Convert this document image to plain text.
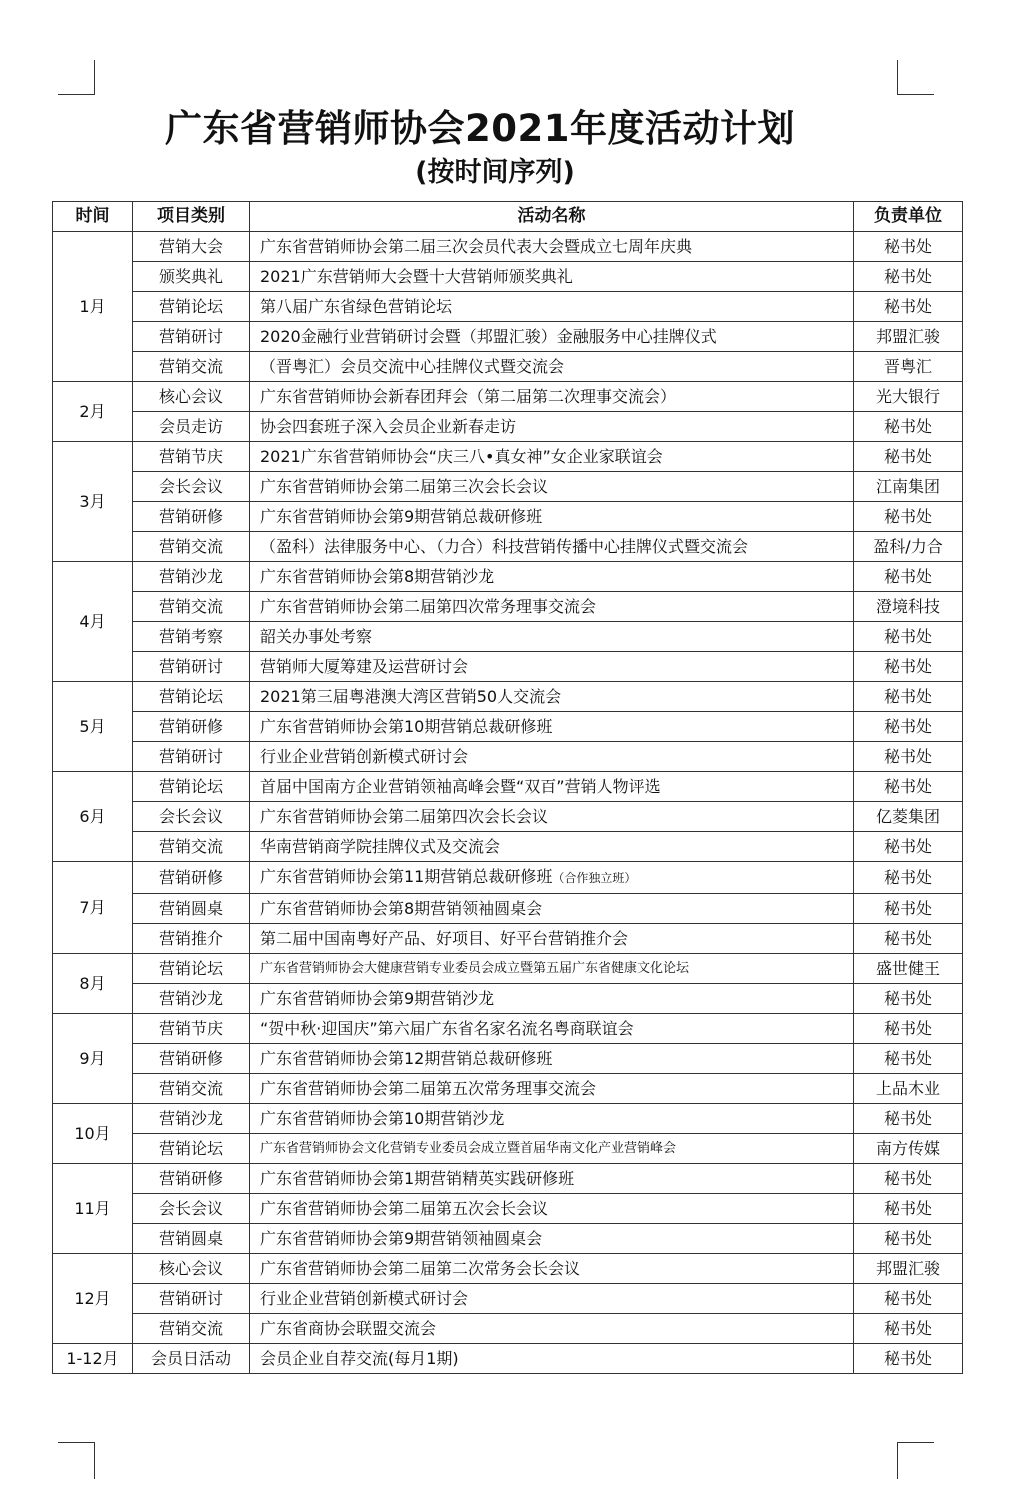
广东省营销师协会2021年度活动计划
(按时间序列)
时间	项目类别	活动名称	负责单位
1月	营销大会	广东省营销师协会第二届三次会员代表大会暨成立七周年庆典	秘书处
	颁奖典礼	2021广东营销师大会暨十大营销师颁奖典礼	秘书处
	营销论坛	第八届广东省绿色营销论坛	秘书处
	营销研讨	2020金融行业营销研讨会暨（邦盟汇骏）金融服务中心挂牌仪式	邦盟汇骏
	营销交流	（晋粤汇）会员交流中心挂牌仪式暨交流会	晋粤汇
2月	核心会议	广东省营销师协会新春团拜会（第二届第二次理事交流会）	光大银行
	会员走访	协会四套班子深入会员企业新春走访	秘书处
3月	营销节庆	2021广东省营销师协会“庆三八•真女神”女企业家联谊会	秘书处
	会长会议	广东省营销师协会第二届第三次会长会议	江南集团
	营销研修	广东省营销师协会第9期营销总裁研修班	秘书处
	营销交流	（盈科）法律服务中心、（力合）科技营销传播中心挂牌仪式暨交流会	盈科/力合
4月	营销沙龙	广东省营销师协会第8期营销沙龙	秘书处
	营销交流	广东省营销师协会第二届第四次常务理事交流会	澄境科技
	营销考察	韶关办事处考察	秘书处
	营销研讨	营销师大厦筹建及运营研讨会	秘书处
5月	营销论坛	2021第三届粤港澳大湾区营销50人交流会	秘书处
	营销研修	广东省营销师协会第10期营销总裁研修班	秘书处
	营销研讨	行业企业营销创新模式研讨会	秘书处
6月	营销论坛	首届中国南方企业营销领袖高峰会暨“双百”营销人物评选	秘书处
	会长会议	广东省营销师协会第二届第四次会长会议	亿菱集团
	营销交流	华南营销商学院挂牌仪式及交流会	秘书处
7月	营销研修	广东省营销师协会第11期营销总裁研修班（合作独立班）	秘书处
	营销圆桌	广东省营销师协会第8期营销领袖圆桌会	秘书处
	营销推介	第二届中国南粤好产品、好项目、好平台营销推介会	秘书处
8月	营销论坛	广东省营销师协会大健康营销专业委员会成立暨第五届广东省健康文化论坛	盛世健王
	营销沙龙	广东省营销师协会第9期营销沙龙	秘书处
9月	营销节庆	“贺中秋·迎国庆”第六届广东省名家名流名粤商联谊会	秘书处
	营销研修	广东省营销师协会第12期营销总裁研修班	秘书处
	营销交流	广东省营销师协会第二届第五次常务理事交流会	上品木业
10月	营销沙龙	广东省营销师协会第10期营销沙龙	秘书处
	营销论坛	广东省营销师协会文化营销专业委员会成立暨首届华南文化产业营销峰会	南方传媒
11月	营销研修	广东省营销师协会第1期营销精英实践研修班	秘书处
	会长会议	广东省营销师协会第二届第五次会长会议	秘书处
	营销圆桌	广东省营销师协会第9期营销领袖圆桌会	秘书处
12月	核心会议	广东省营销师协会第二届第二次常务会长会议	邦盟汇骏
	营销研讨	行业企业营销创新模式研讨会	秘书处
	营销交流	广东省商协会联盟交流会	秘书处
1-12月	会员日活动	会员企业自荐交流(每月1期)	秘书处
